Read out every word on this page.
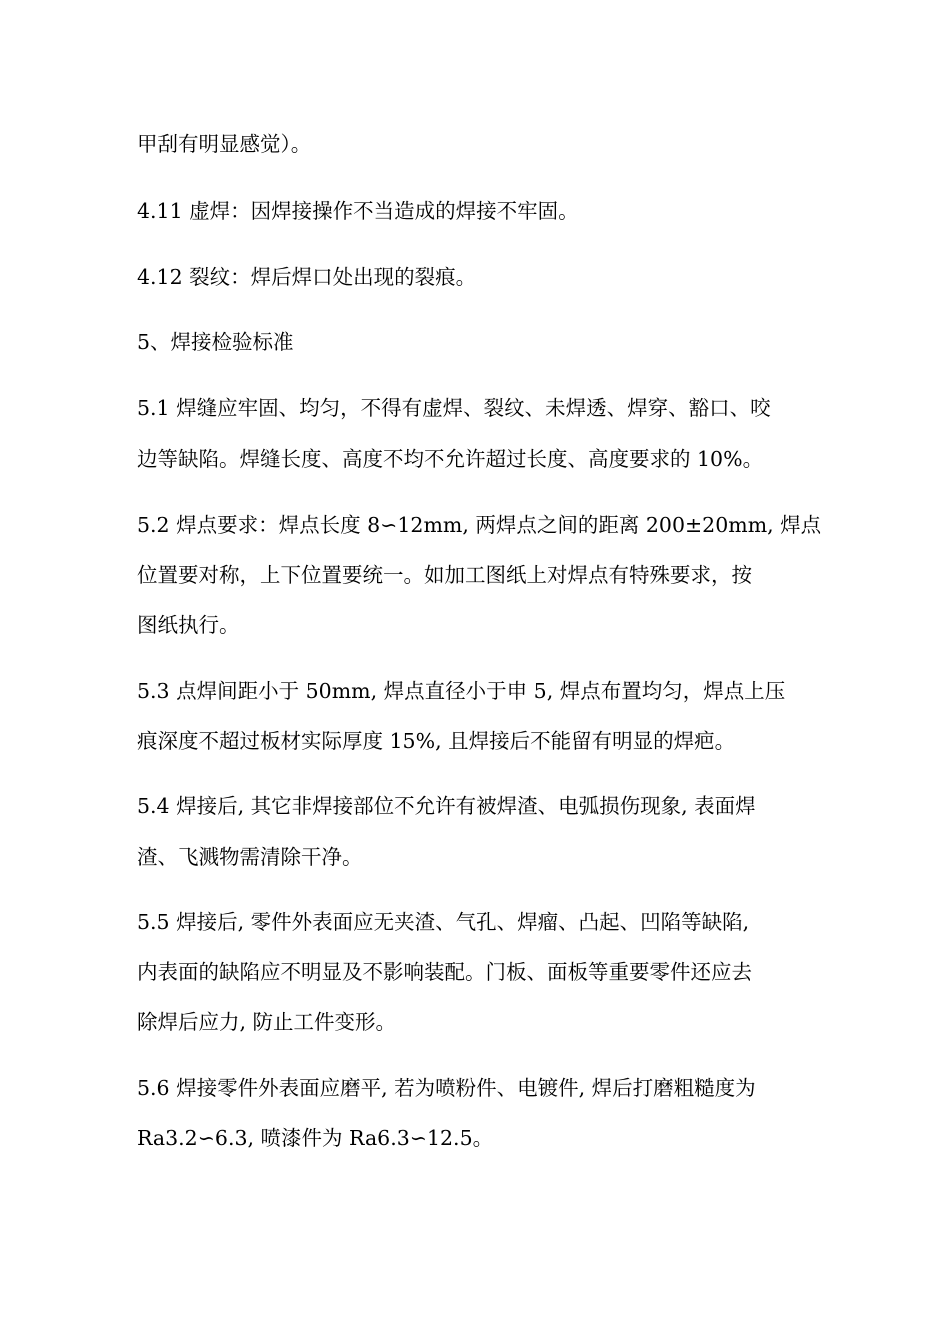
甲刮有明显感觉）。
4.11 虚焊：因焊接操作不当造成的焊接不牢固。
4.12 裂纹：焊后焊口处出现的裂痕。
5、焊接检验标准
5.1 焊缝应牢固、均匀，不得有虚焊、裂纹、未焊透、焊穿、豁口、咬
边等缺陷。焊缝长度、高度不均不允许超过长度、高度要求的 10%。
5.2 焊点要求：焊点长度 8∽12mm, 两焊点之间的距离 200±20mm, 焊点
位置要对称，上下位置要统一。如加工图纸上对焊点有特殊要求，按
图纸执行。
5.3 点焊间距小于 50mm, 焊点直径小于申 5, 焊点布置均匀，焊点上压
痕深度不超过板材实际厚度 15%, 且焊接后不能留有明显的焊疤。
5.4 焊接后, 其它非焊接部位不允许有被焊渣、电弧损伤现象, 表面焊
渣、飞溅物需清除干净。
5.5 焊接后, 零件外表面应无夹渣、气孔、焊瘤、凸起、凹陷等缺陷,
内表面的缺陷应不明显及不影响装配。门板、面板等重要零件还应去
除焊后应力, 防止工件变形。
5.6 焊接零件外表面应磨平, 若为喷粉件、电镀件, 焊后打磨粗糙度为
Ra3.2∽6.3, 喷漆件为 Ra6.3∽12.5。
